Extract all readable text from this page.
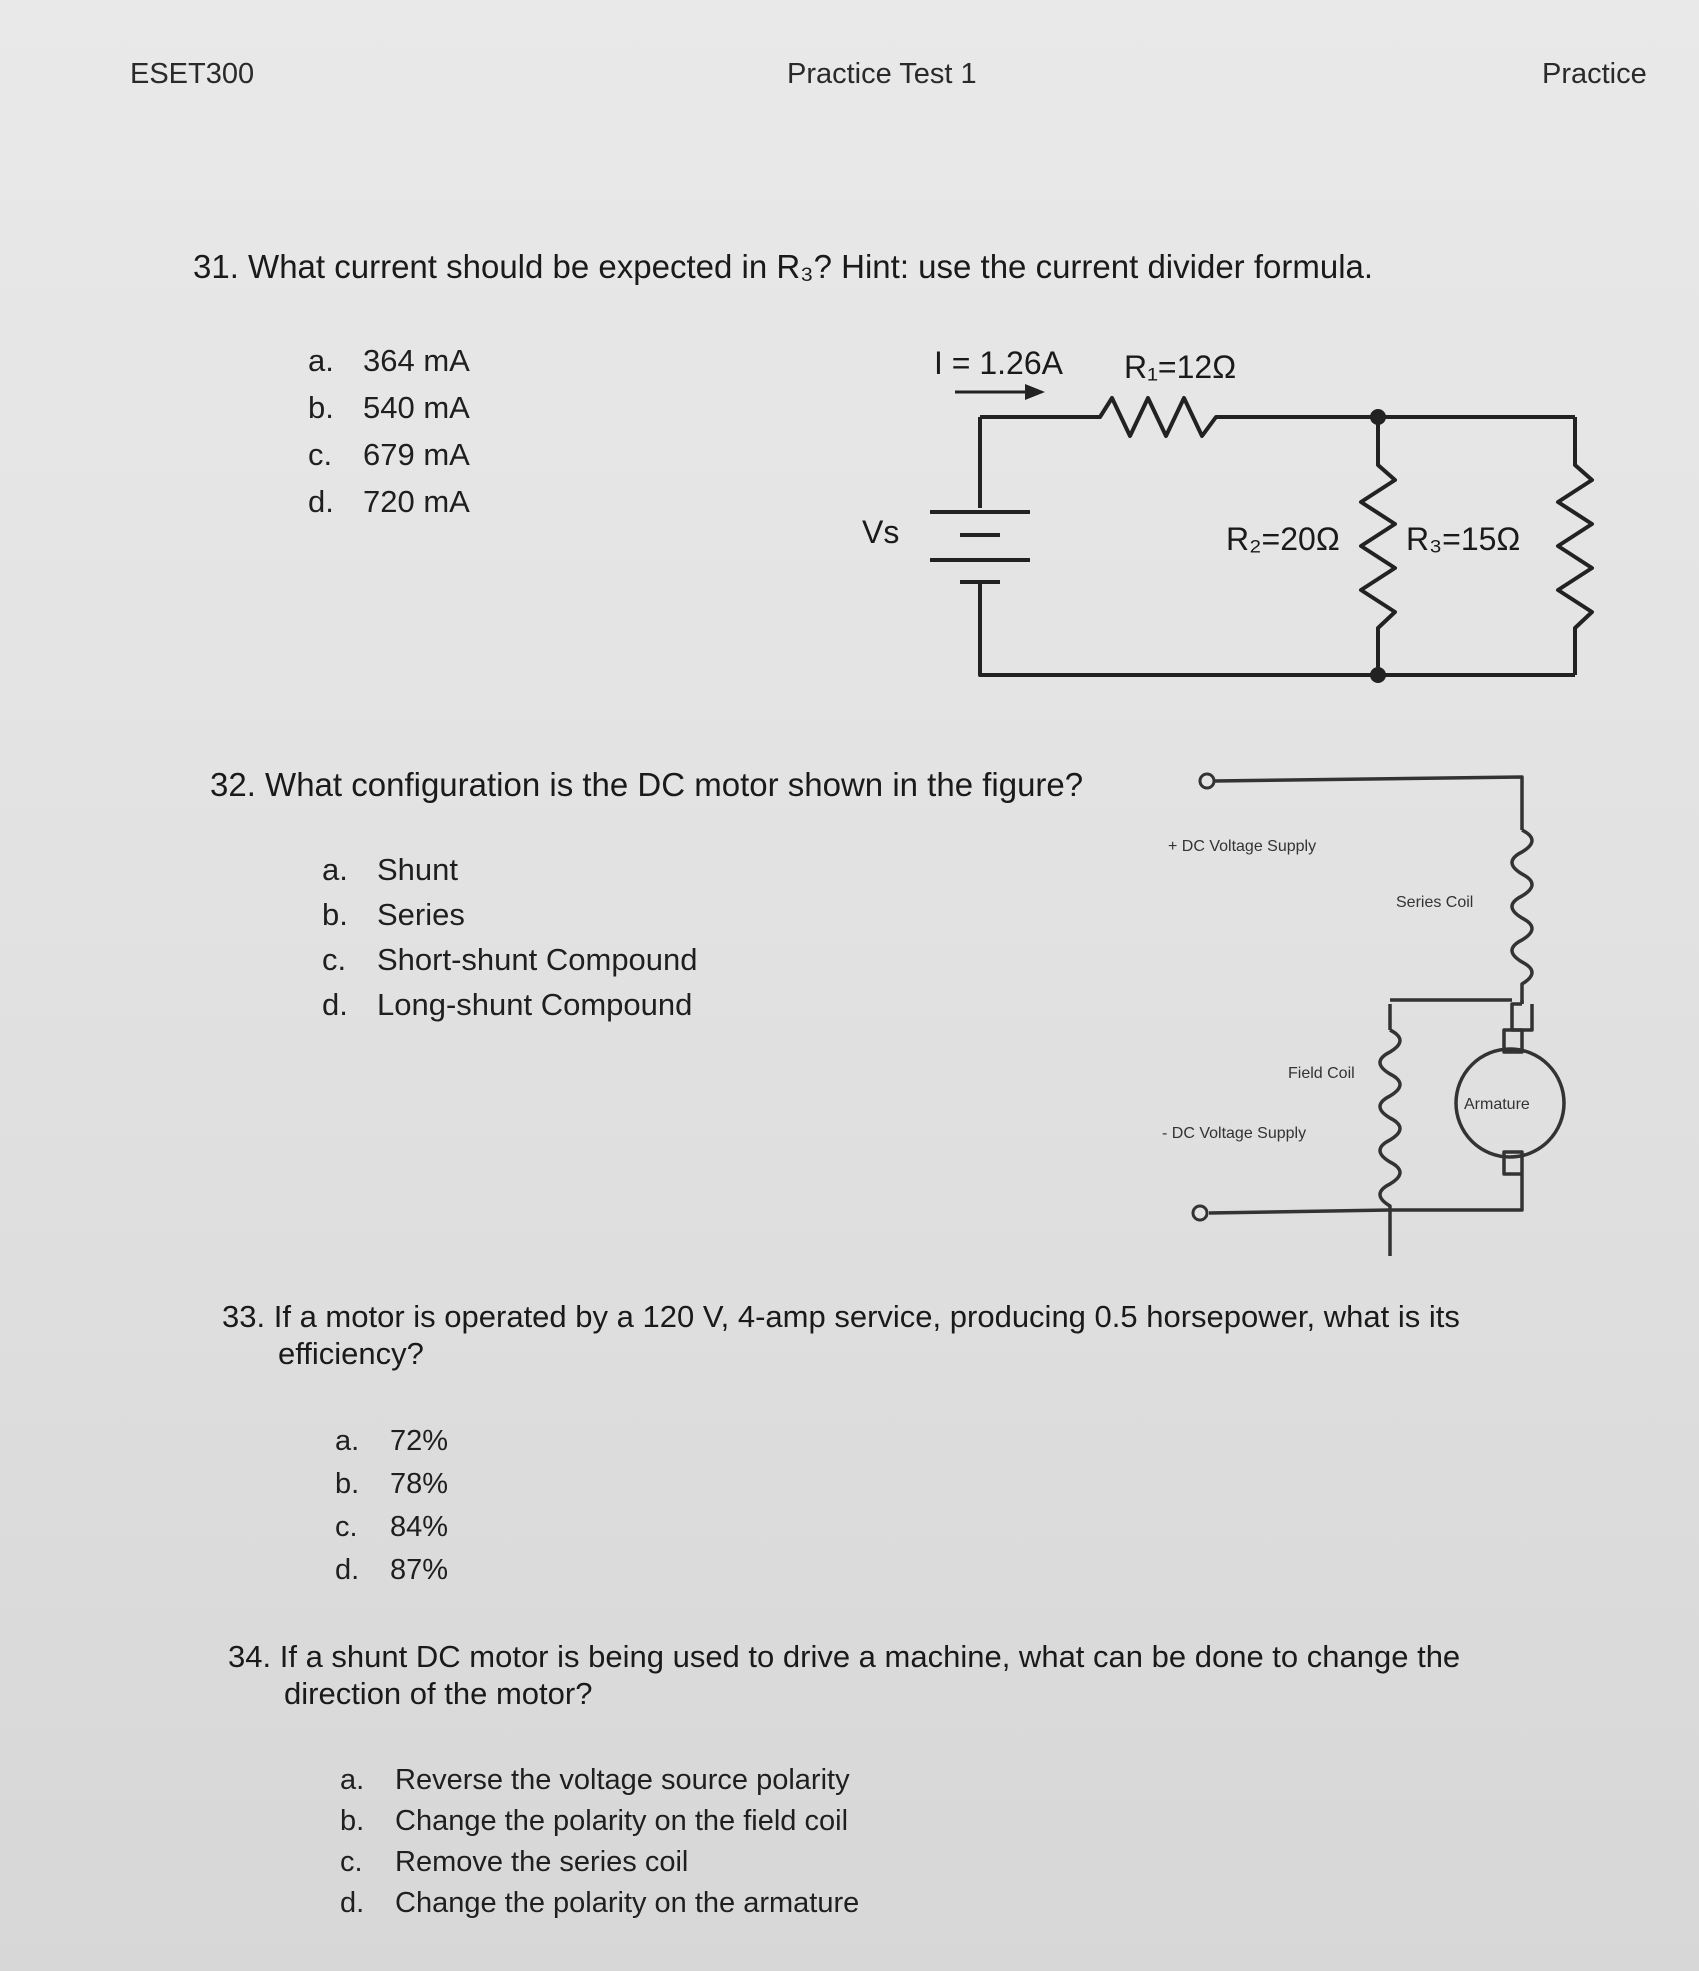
ESET300	Practice Test 1	Practice
31. What current should be expected in R₃? Hint: use the current divider formula.
a. 364 mA
b. 540 mA
c. 679 mA
d. 720 mA
I = 1.26A R₁=12Ω
Vs	R₂=20Ω R₃=15Ω
+ DC Voltage Supply
Series Coil
Field Coil
- DC Voltage Supply
Armature
32. What configuration is the DC motor shown in the figure?
a. Shunt
b. Series
c. Short-shunt Compound
d. Long-shunt Compound
33. If a motor is operated by a 120 V, 4-amp service, producing 0.5 horsepower, what is its
efficiency?
a. 72%
b. 78%
c. 84%
d. 87%
34. If a shunt DC motor is being used to drive a machine, what can be done to change the
direction of the motor?
a. Reverse the voltage source polarity
b. Change the polarity on the field coil
c. Remove the series coil
d. Change the polarity on the armature
